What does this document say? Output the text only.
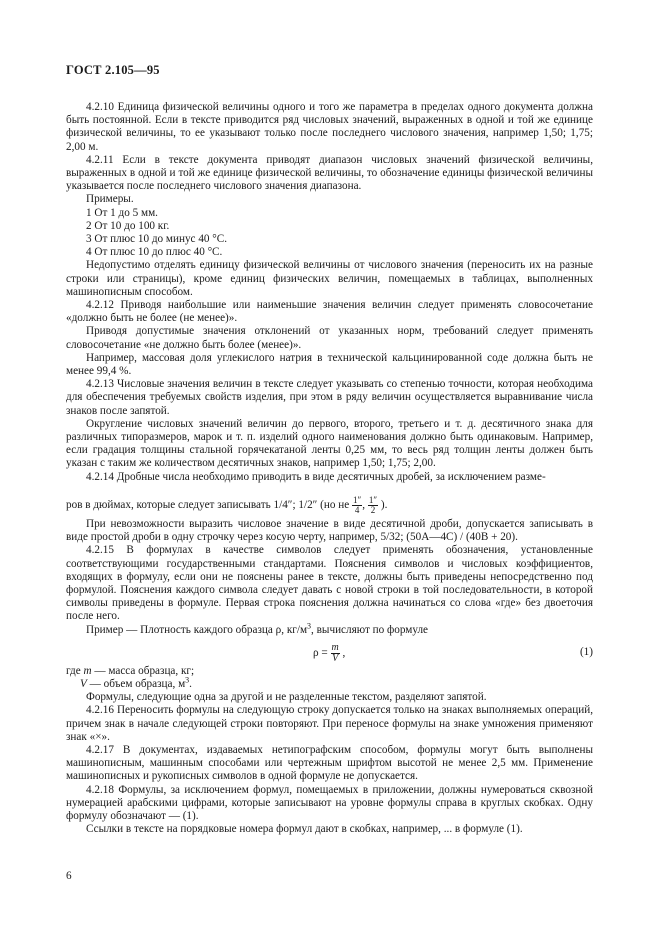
ГОСТ 2.105—95

4.2.10 Единица физической величины одного и того же параметра в пределах одного документа должна быть постоянной. Если в тексте приводится ряд числовых значений, выраженных в одной и той же единице физической величины, то ее указывают только после последнего числового значения, например 1,50; 1,75; 2,00 м.

4.2.11 Если в тексте документа приводят диапазон числовых значений физической величины, выраженных в одной и той же единице физической величины, то обозначение единицы физической величины указывается после последнего числового значения диапазона.

Примеры.

1 От 1 до 5 мм.

2 От 10 до 100 кг.

3 От плюс 10 до минус 40 °С.

4 От плюс 10 до плюс 40 °С.

Недопустимо отделять единицу физической величины от числового значения (переносить их на разные строки или страницы), кроме единиц физических величин, помещаемых в таблицах, выполненных машинописным способом.

4.2.12 Приводя наибольшие или наименьшие значения величин следует применять словосочетание «должно быть не более (не менее)».

Приводя допустимые значения отклонений от указанных норм, требований следует применять словосочетание «не должно быть более (менее)».

Например, массовая доля углекислого натрия в технической кальцинированной соде должна быть не менее 99,4 %.

4.2.13 Числовые значения величин в тексте следует указывать со степенью точности, которая необходима для обеспечения требуемых свойств изделия, при этом в ряду величин осуществляется выравнивание числа знаков после запятой.

Округление числовых значений величин до первого, второго, третьего и т. д. десятичного знака для различных типоразмеров, марок и т. п. изделий одного наименования должно быть одинаковым. Например, если градация толщины стальной горячекатаной ленты 0,25 мм, то весь ряд толщин ленты должен быть указан с таким же количеством десятичных знаков, например 1,50; 1,75; 2,00.

4.2.14 Дробные числа необходимо приводить в виде десятичных дробей, за исключением разме-

ров в дюймах, которые следует записывать 1/4″; 1/2″ (но не $\frac{1''}{4}$ , $\frac{1''}{2}$ ).

При невозможности выразить числовое значение в виде десятичной дроби, допускается записывать в виде простой дроби в одну строчку через косую черту, например, 5/32; (50А—4С) / (40В + 20).

4.2.15 В формулах в качестве символов следует применять обозначения, установленные соответствующими государственными стандартами. Пояснения символов и числовых коэффициентов, входящих в формулу, если они не пояснены ранее в тексте, должны быть приведены непосредственно под формулой. Пояснения каждого символа следует давать с новой строки в той последовательности, в которой символы приведены в формуле. Первая строка пояснения должна начинаться со слова «где» без двоеточия после него.

Пример — Плотность каждого образца ρ, $кг/м^3$, вычисляют по формуле

$\rho = \frac{m}{V}$ ,	(1)

где m — масса образца, кг;

V — объем образца, $м^3$.

Формулы, следующие одна за другой и не разделенные текстом, разделяют запятой.

4.2.16 Переносить формулы на следующую строку допускается только на знаках выполняемых операций, причем знак в начале следующей строки повторяют. При переносе формулы на знаке умножения применяют знак «×».

4.2.17 В документах, издаваемых нетипографским способом, формулы могут быть выполнены машинописным, машинным способами или чертежным шрифтом высотой не менее 2,5 мм. Применение машинописных и рукописных символов в одной формуле не допускается.

4.2.18 Формулы, за исключением формул, помещаемых в приложении, должны нумероваться сквозной нумерацией арабскими цифрами, которые записывают на уровне формулы справа в круглых скобках. Одну формулу обозначают — (1).

Ссылки в тексте на порядковые номера формул дают в скобках, например, ... в формуле (1).

6
